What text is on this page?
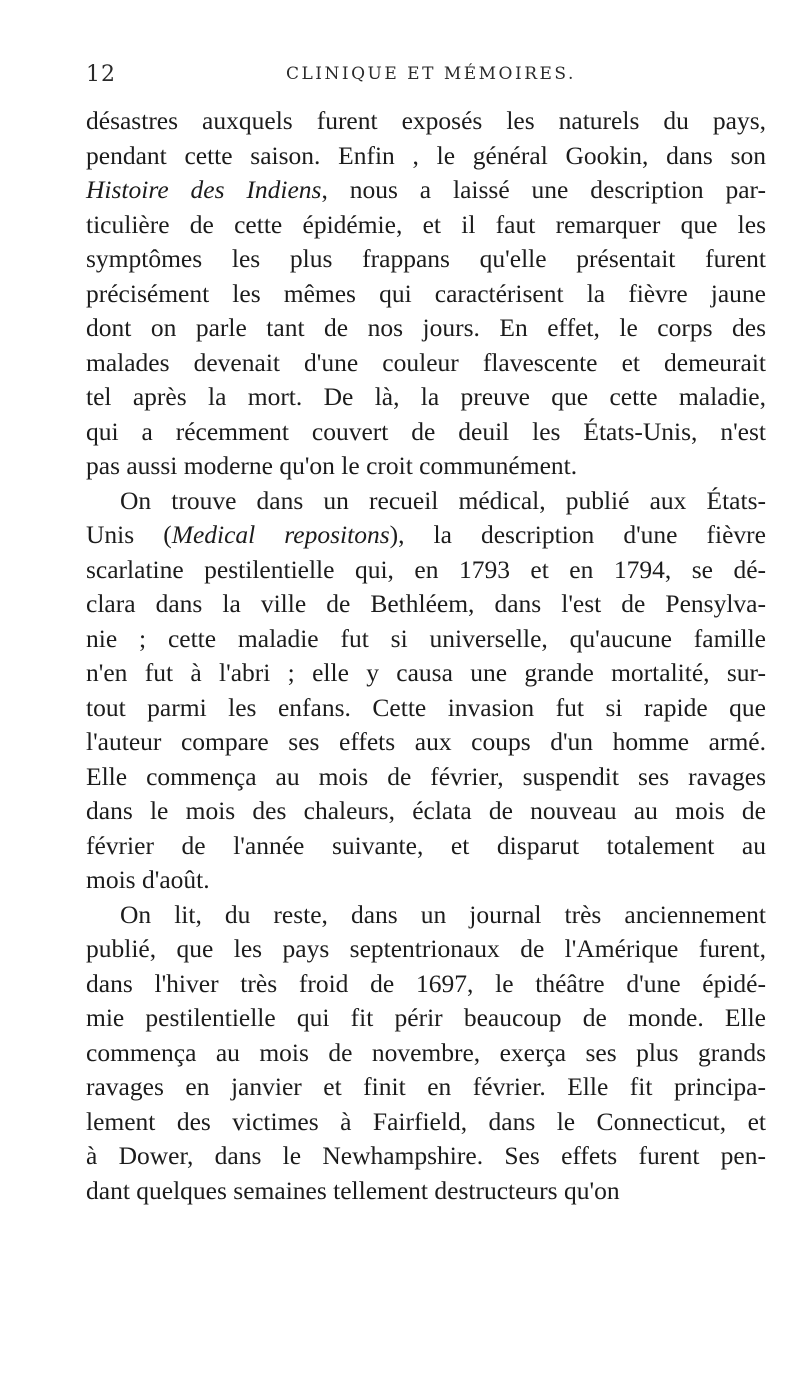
12	CLINIQUE ET MÉMOIRES.
désastres auxquels furent exposés les naturels du pays,
pendant cette saison. Enfin , le général Gookin, dans son
Histoire des Indiens, nous a laissé une description par-
ticulière de cette épidémie, et il faut remarquer que les
symptômes les plus frappans qu'elle présentait furent
précisément les mêmes qui caractérisent la fièvre jaune
dont on parle tant de nos jours. En effet, le corps des
malades devenait d'une couleur flavescente et demeurait
tel après la mort. De là, la preuve que cette maladie,
qui a récemment couvert de deuil les États-Unis, n'est
pas aussi moderne qu'on le croit communément.
On trouve dans un recueil médical, publié aux États-
Unis (Medical repositons), la description d'une fièvre
scarlatine pestilentielle qui, en 1793 et en 1794, se dé-
clara dans la ville de Bethléem, dans l'est de Pensylva-
nie ; cette maladie fut si universelle, qu'aucune famille
n'en fut à l'abri ; elle y causa une grande mortalité, sur-
tout parmi les enfans. Cette invasion fut si rapide que
l'auteur compare ses effets aux coups d'un homme armé.
Elle commença au mois de février, suspendit ses ravages
dans le mois des chaleurs, éclata de nouveau au mois de
février de l'année suivante, et disparut totalement au
mois d'août.
On lit, du reste, dans un journal très anciennement
publié, que les pays septentrionaux de l'Amérique furent,
dans l'hiver très froid de 1697, le théâtre d'une épidé-
mie pestilentielle qui fit périr beaucoup de monde. Elle
commença au mois de novembre, exerça ses plus grands
ravages en janvier et finit en février. Elle fit principa-
lement des victimes à Fairfield, dans le Connecticut, et
à Dower, dans le Newhampshire. Ses effets furent pen-
dant quelques semaines tellement destructeurs qu'on
